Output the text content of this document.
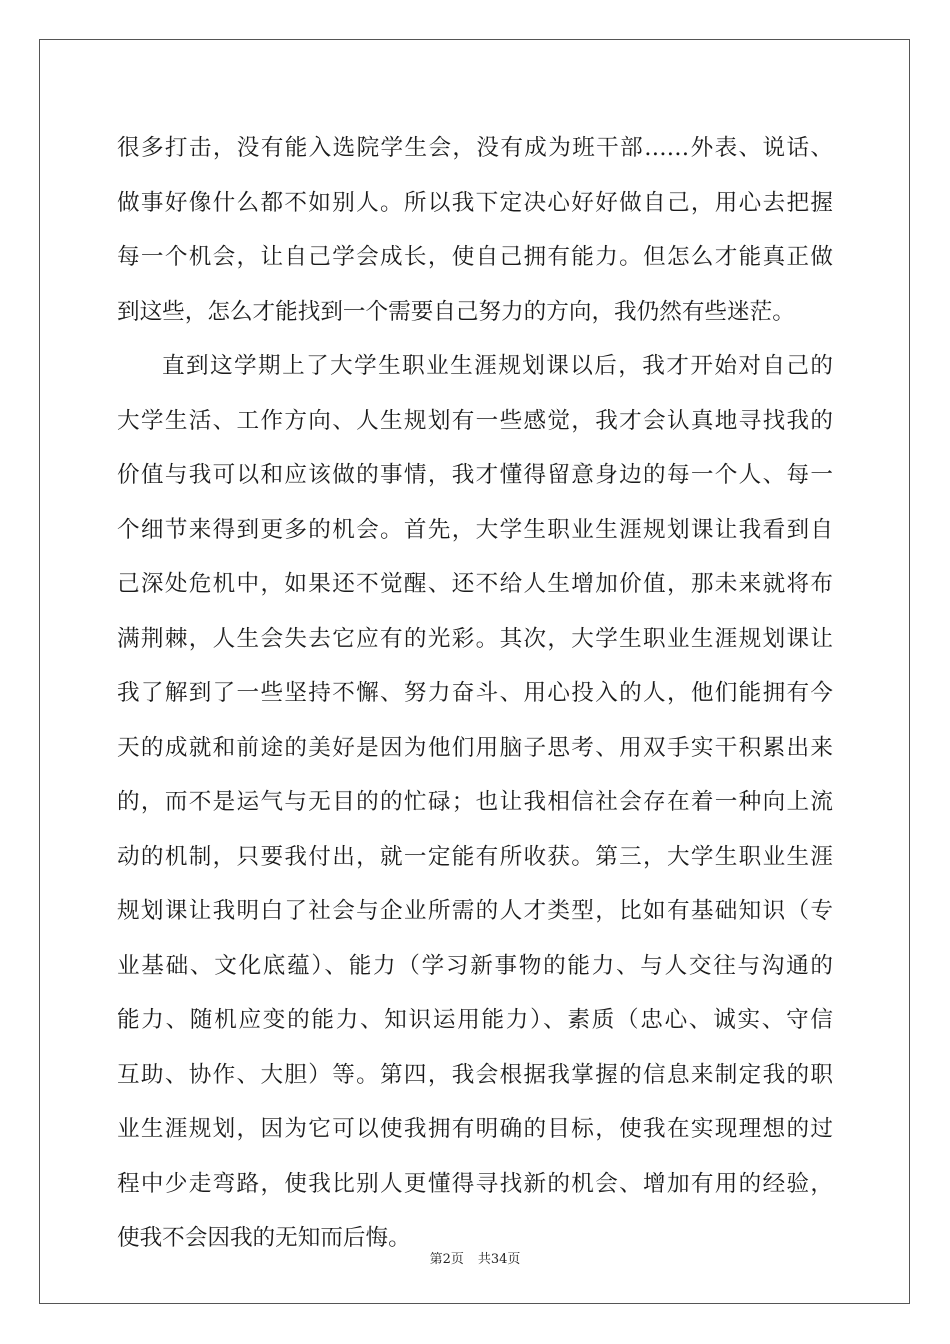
很多打击，没有能入选院学生会，没有成为班干部……外表、说话、
做事好像什么都不如别人。所以我下定决心好好做自己，用心去把握
每一个机会，让自己学会成长，使自己拥有能力。但怎么才能真正做
到这些，怎么才能找到一个需要自己努力的方向，我仍然有些迷茫。
直到这学期上了大学生职业生涯规划课以后，我才开始对自己的
大学生活、工作方向、人生规划有一些感觉，我才会认真地寻找我的
价值与我可以和应该做的事情，我才懂得留意身边的每一个人、每一
个细节来得到更多的机会。首先，大学生职业生涯规划课让我看到自
己深处危机中，如果还不觉醒、还不给人生增加价值，那未来就将布
满荆棘，人生会失去它应有的光彩。其次，大学生职业生涯规划课让
我了解到了一些坚持不懈、努力奋斗、用心投入的人，他们能拥有今
天的成就和前途的美好是因为他们用脑子思考、用双手实干积累出来
的，而不是运气与无目的的忙碌；也让我相信社会存在着一种向上流
动的机制，只要我付出，就一定能有所收获。第三，大学生职业生涯
规划课让我明白了社会与企业所需的人才类型，比如有基础知识（专
业基础、文化底蕴）、能力（学习新事物的能力、与人交往与沟通的
能力、随机应变的能力、知识运用能力）、素质（忠心、诚实、守信
互助、协作、大胆）等。第四，我会根据我掌握的信息来制定我的职
业生涯规划，因为它可以使我拥有明确的目标，使我在实现理想的过
程中少走弯路，使我比别人更懂得寻找新的机会、增加有用的经验，
使我不会因我的无知而后悔。
第2页 共34页
